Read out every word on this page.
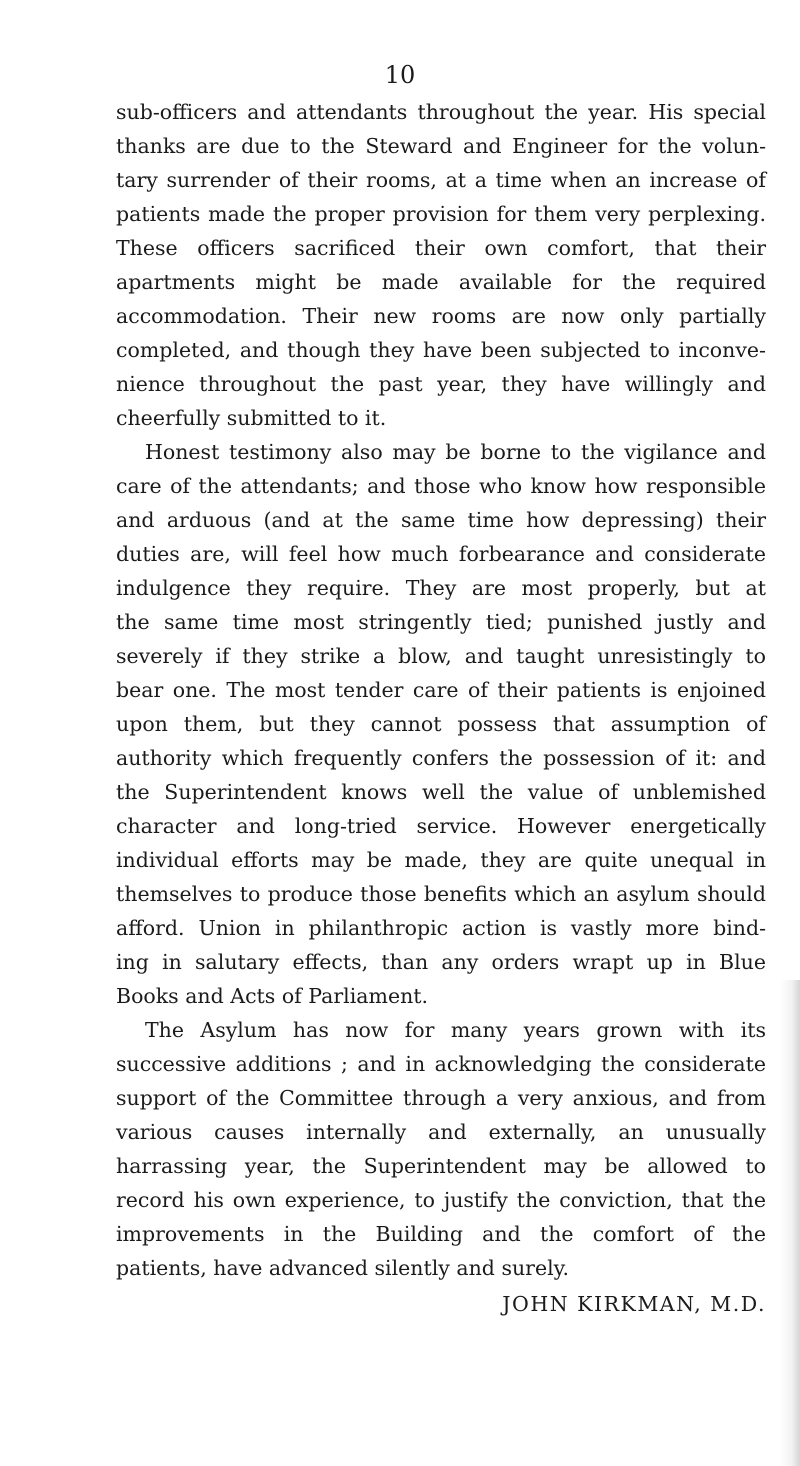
10
sub-officers and attendants throughout the year. His special
thanks are due to the Steward and Engineer for the volun-
tary surrender of their rooms, at a time when an increase of
patients made the proper provision for them very perplexing.
These officers sacrificed their own comfort, that their
apartments might be made available for the required
accommodation. Their new rooms are now only partially
completed, and though they have been subjected to inconve-
nience throughout the past year, they have willingly and
cheerfully submitted to it.
Honest testimony also may be borne to the vigilance and
care of the attendants; and those who know how responsible
and arduous (and at the same time how depressing) their
duties are, will feel how much forbearance and considerate
indulgence they require. They are most properly, but at
the same time most stringently tied; punished justly and
severely if they strike a blow, and taught unresistingly to
bear one. The most tender care of their patients is enjoined
upon them, but they cannot possess that assumption of
authority which frequently confers the possession of it: and
the Superintendent knows well the value of unblemished
character and long-tried service. However energetically
individual efforts may be made, they are quite unequal in
themselves to produce those benefits which an asylum should
afford. Union in philanthropic action is vastly more bind-
ing in salutary effects, than any orders wrapt up in Blue
Books and Acts of Parliament.
The Asylum has now for many years grown with its
successive additions ; and in acknowledging the considerate
support of the Committee through a very anxious, and from
various causes internally and externally, an unusually
harrassing year, the Superintendent may be allowed to
record his own experience, to justify the conviction, that the
improvements in the Building and the comfort of the
patients, have advanced silently and surely.
JOHN KIRKMAN, M.D.
